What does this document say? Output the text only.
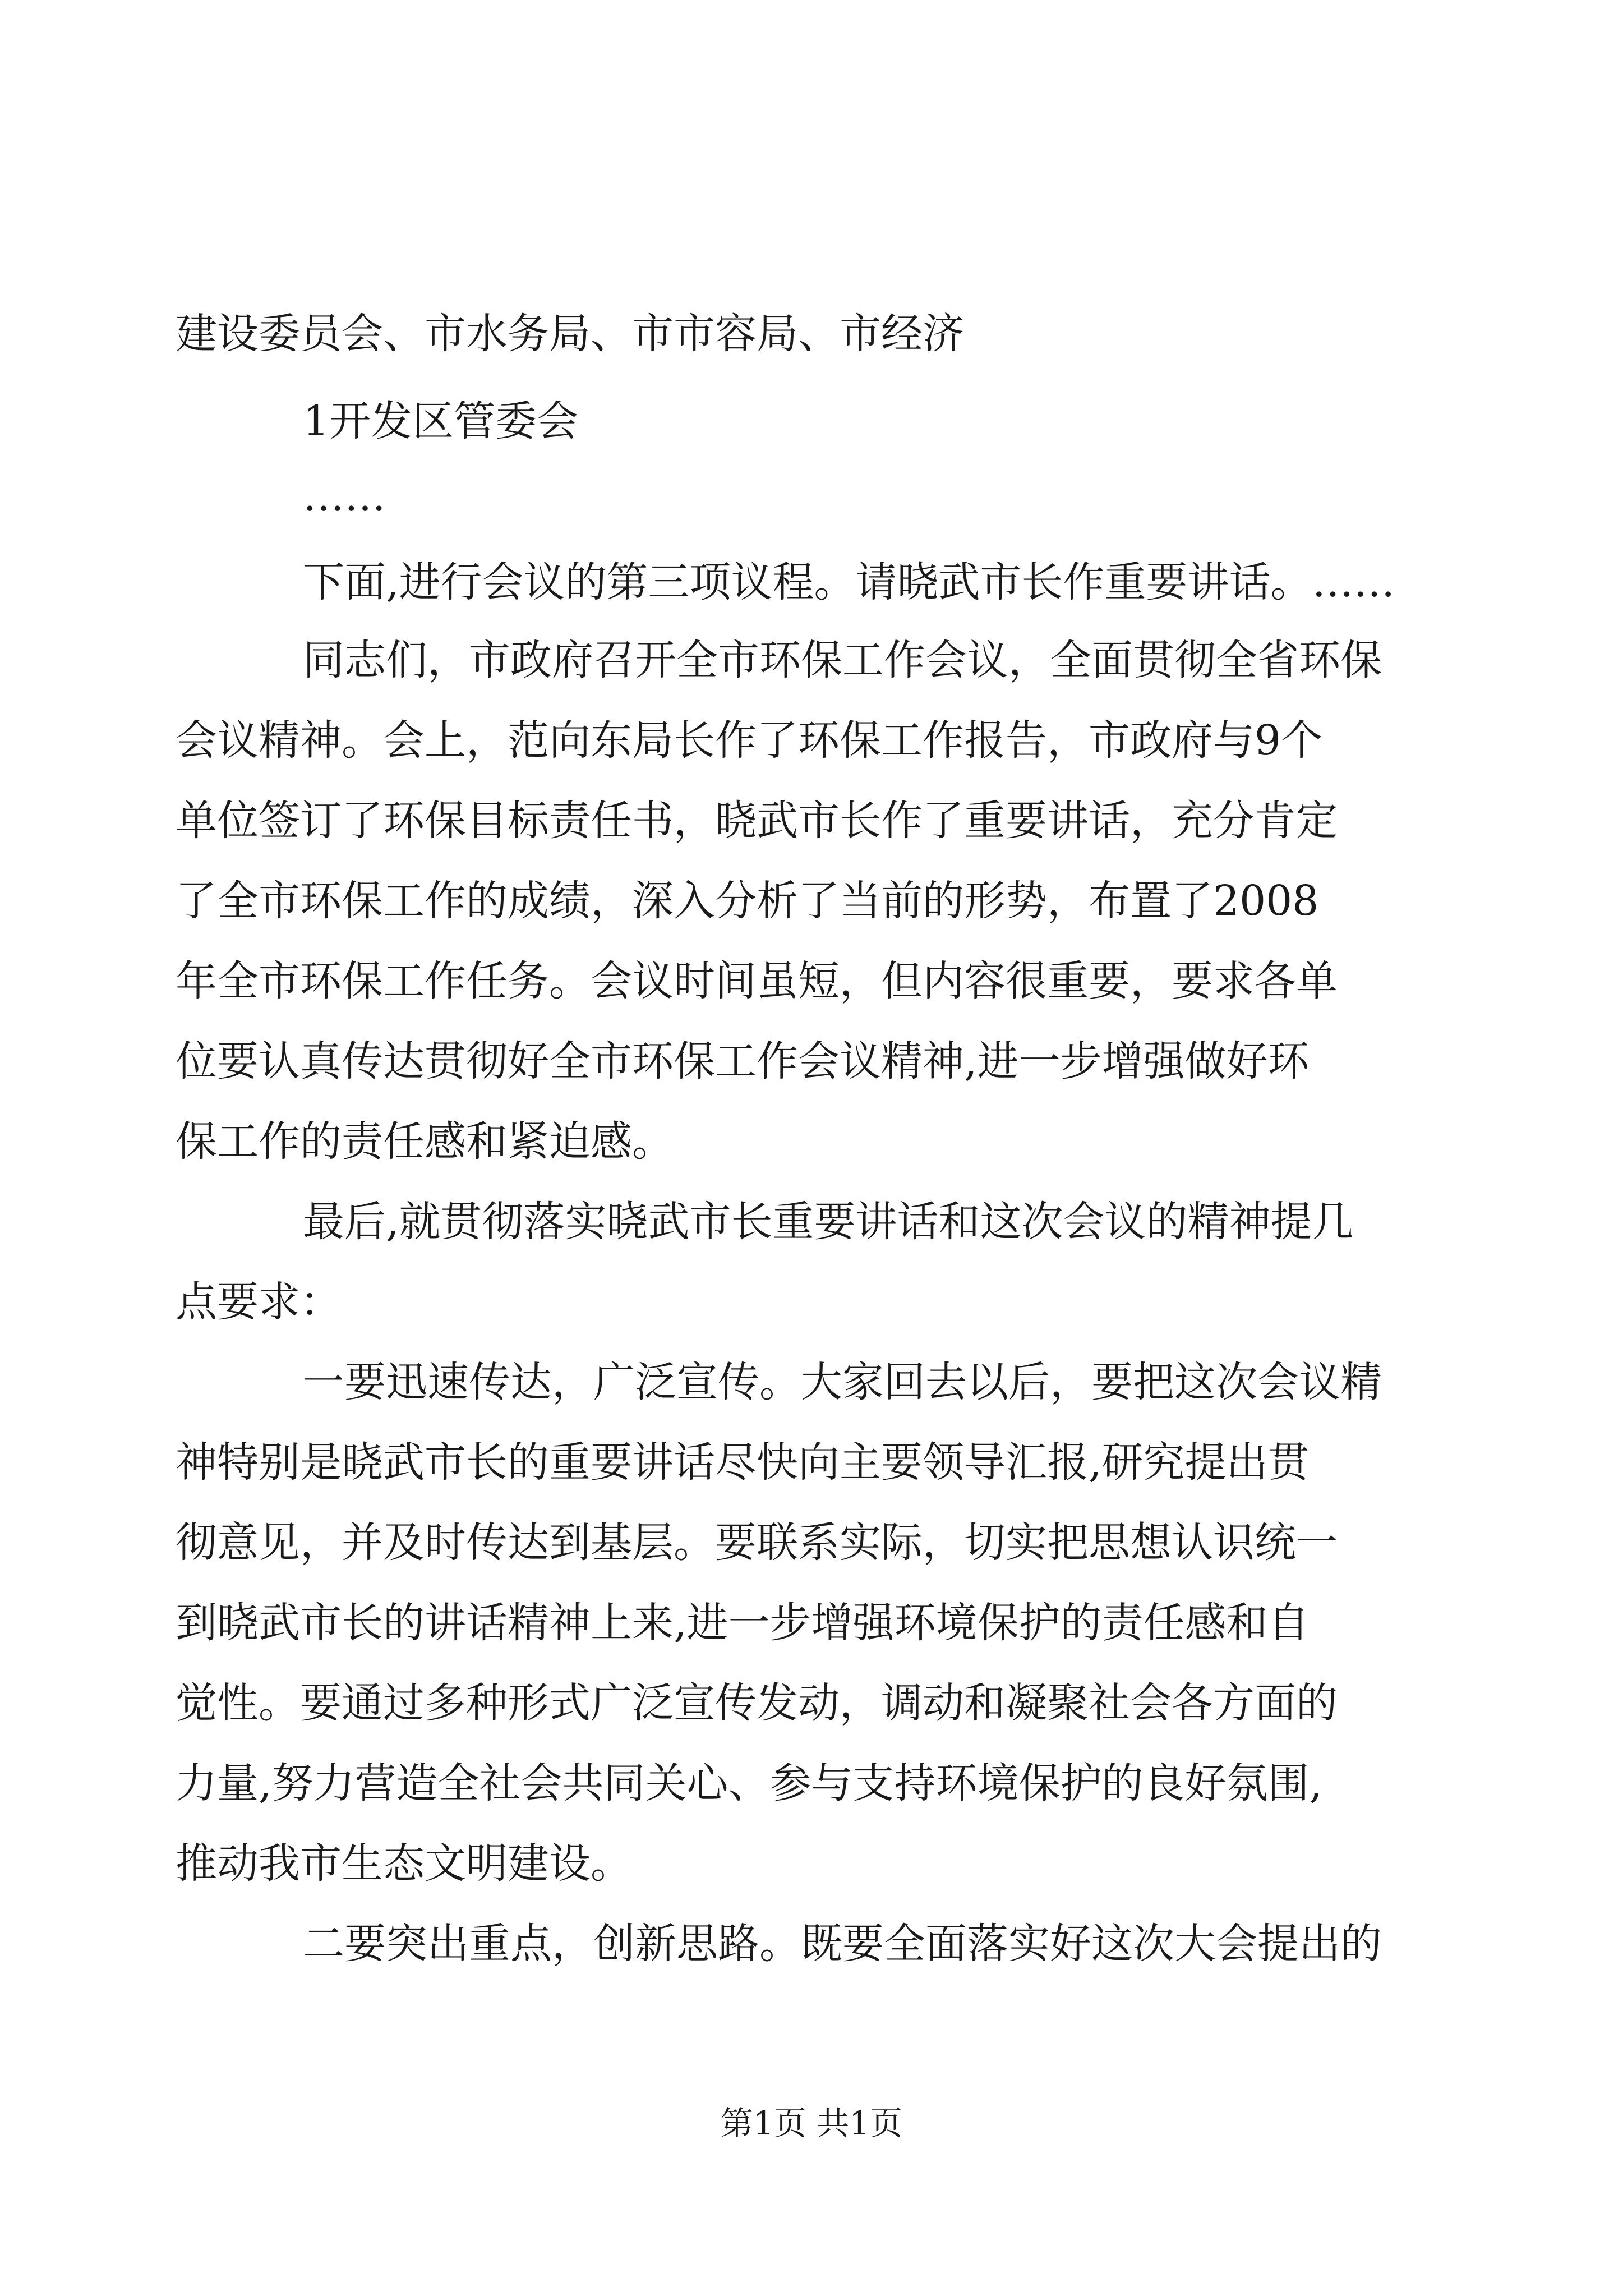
建设委员会、市水务局、市市容局、市经济

1开发区管委会

……

下面,进行会议的第三项议程。请晓武市长作重要讲话。……

同志们，市政府召开全市环保工作会议，全面贯彻全省环保

会议精神。会上，范向东局长作了环保工作报告，市政府与9个

单位签订了环保目标责任书，晓武市长作了重要讲话，充分肯定

了全市环保工作的成绩，深入分析了当前的形势，布置了2008

年全市环保工作任务。会议时间虽短，但内容很重要，要求各单

位要认真传达贯彻好全市环保工作会议精神,进一步增强做好环

保工作的责任感和紧迫感。

最后,就贯彻落实晓武市长重要讲话和这次会议的精神提几

点要求：

一要迅速传达，广泛宣传。大家回去以后，要把这次会议精

神特别是晓武市长的重要讲话尽快向主要领导汇报,研究提出贯

彻意见，并及时传达到基层。要联系实际，切实把思想认识统一

到晓武市长的讲话精神上来,进一步增强环境保护的责任感和自

觉性。要通过多种形式广泛宣传发动，调动和凝聚社会各方面的

力量,努力营造全社会共同关心、参与支持环境保护的良好氛围,

推动我市生态文明建设。

二要突出重点，创新思路。既要全面落实好这次大会提出的

第1页 共1页
